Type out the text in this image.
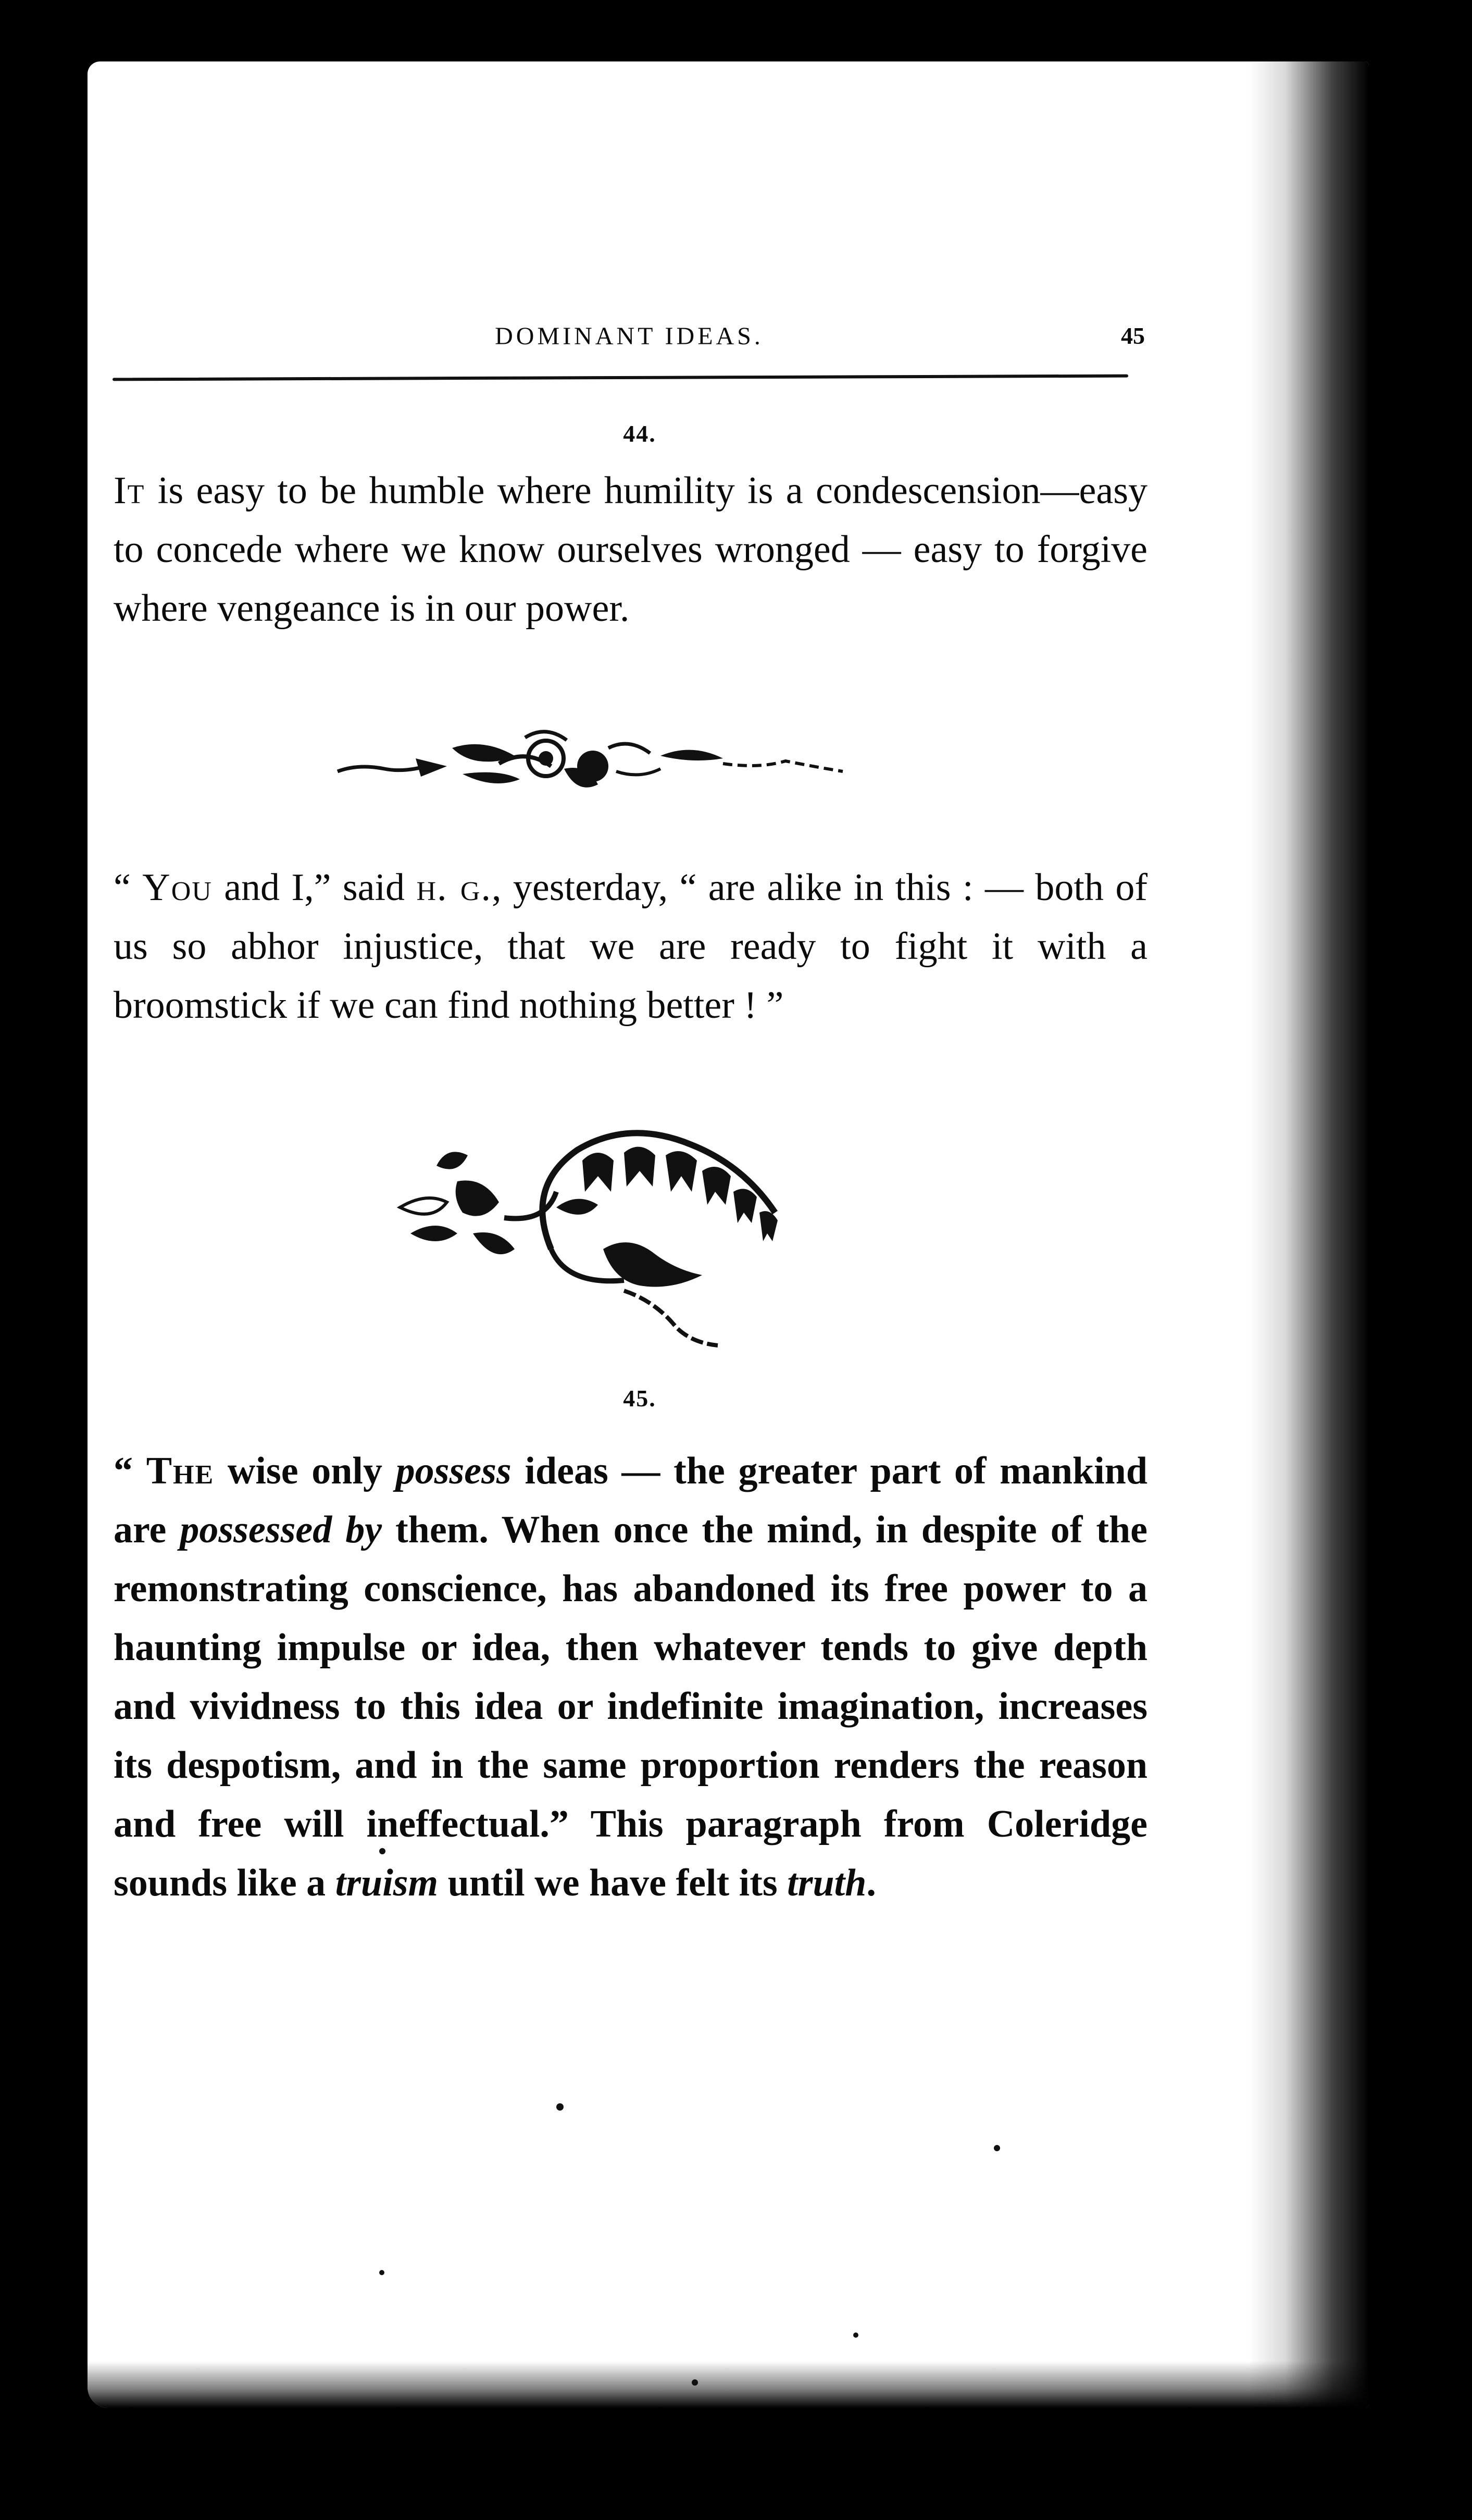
DOMINANT IDEAS.	45
44.

It is easy to be humble where humility is a condescension—easy to concede where we know ourselves wronged — easy to forgive where vengeance is in our power.

“ You and I,” said h. g., yesterday, “ are alike in this : — both of us so abhor injustice, that we are ready to fight it with a broomstick if we can find nothing better ! ”

45.

“ The wise only possess ideas — the greater part of mankind are possessed by them. When once the mind, in despite of the remonstrating conscience, has abandoned its free power to a haunting impulse or idea, then whatever tends to give depth and vividness to this idea or indefinite imagination, increases its despotism, and in the same proportion renders the reason and free will ineffectual.” This paragraph from Coleridge sounds like a truism until we have felt its truth.
